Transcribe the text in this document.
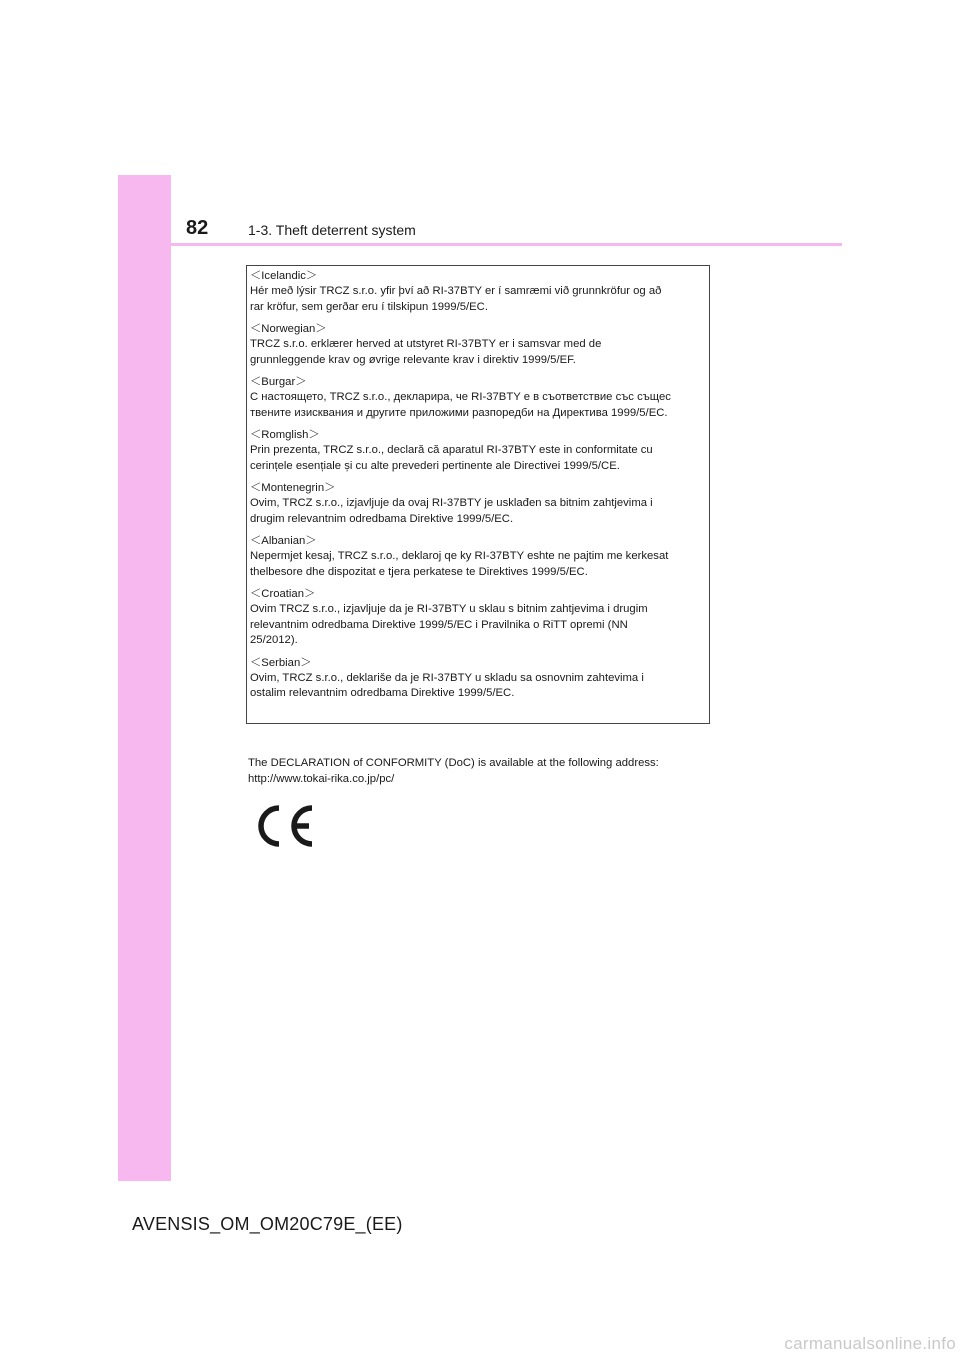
82	1-3. Theft deterrent system
＜Icelandic＞
Hér með lýsir TRCZ s.r.o. yfir því að RI-37BTY er í samræmi við grunnkröfur og að
rar kröfur, sem gerðar eru í tilskipun 1999/5/EC.
＜Norwegian＞
TRCZ s.r.o. erklærer herved at utstyret RI-37BTY er i samsvar med de
grunnleggende krav og øvrige relevante krav i direktiv 1999/5/EF.
＜Burgar＞
С настоящето, TRCZ s.r.o., декларира, че RI-37BTY е в съответствие със същес
твените изисквания и другите приложими разпоредби на Директива 1999/5/EC.
＜Romglish＞
Prin prezenta, TRCZ s.r.o., declară că aparatul RI-37BTY este in conformitate cu
cerințele esențiale și cu alte prevederi pertinente ale Directivei 1999/5/CE.
＜Montenegrin＞
Ovim, TRCZ s.r.o., izjavljuje da ovaj RI-37BTY je usklađen sa bitnim zahtjevima i
drugim relevantnim odredbama Direktive 1999/5/EC.
＜Albanian＞
Nepermjet kesaj, TRCZ s.r.o., deklaroj qe ky RI-37BTY eshte ne pajtim me kerkesat
thelbesore dhe dispozitat e tjera perkatese te Direktives 1999/5/EC.
＜Croatian＞
Ovim TRCZ s.r.o., izjavljuje da je RI-37BTY u sklau s bitnim zahtjevima i drugim
relevantnim odredbama Direktive 1999/5/EC i Pravilnika o RiTT opremi (NN
25/2012).
＜Serbian＞
Ovim, TRCZ s.r.o., deklariše da je RI-37BTY u skladu sa osnovnim zahtevima i
ostalim relevantnim odredbama Direktive 1999/5/EC.
The DECLARATION of CONFORMITY (DoC) is available at the following address:
http://www.tokai-rika.co.jp/pc/
AVENSIS_OM_OM20C79E_(EE)
carmanualsonline.info
